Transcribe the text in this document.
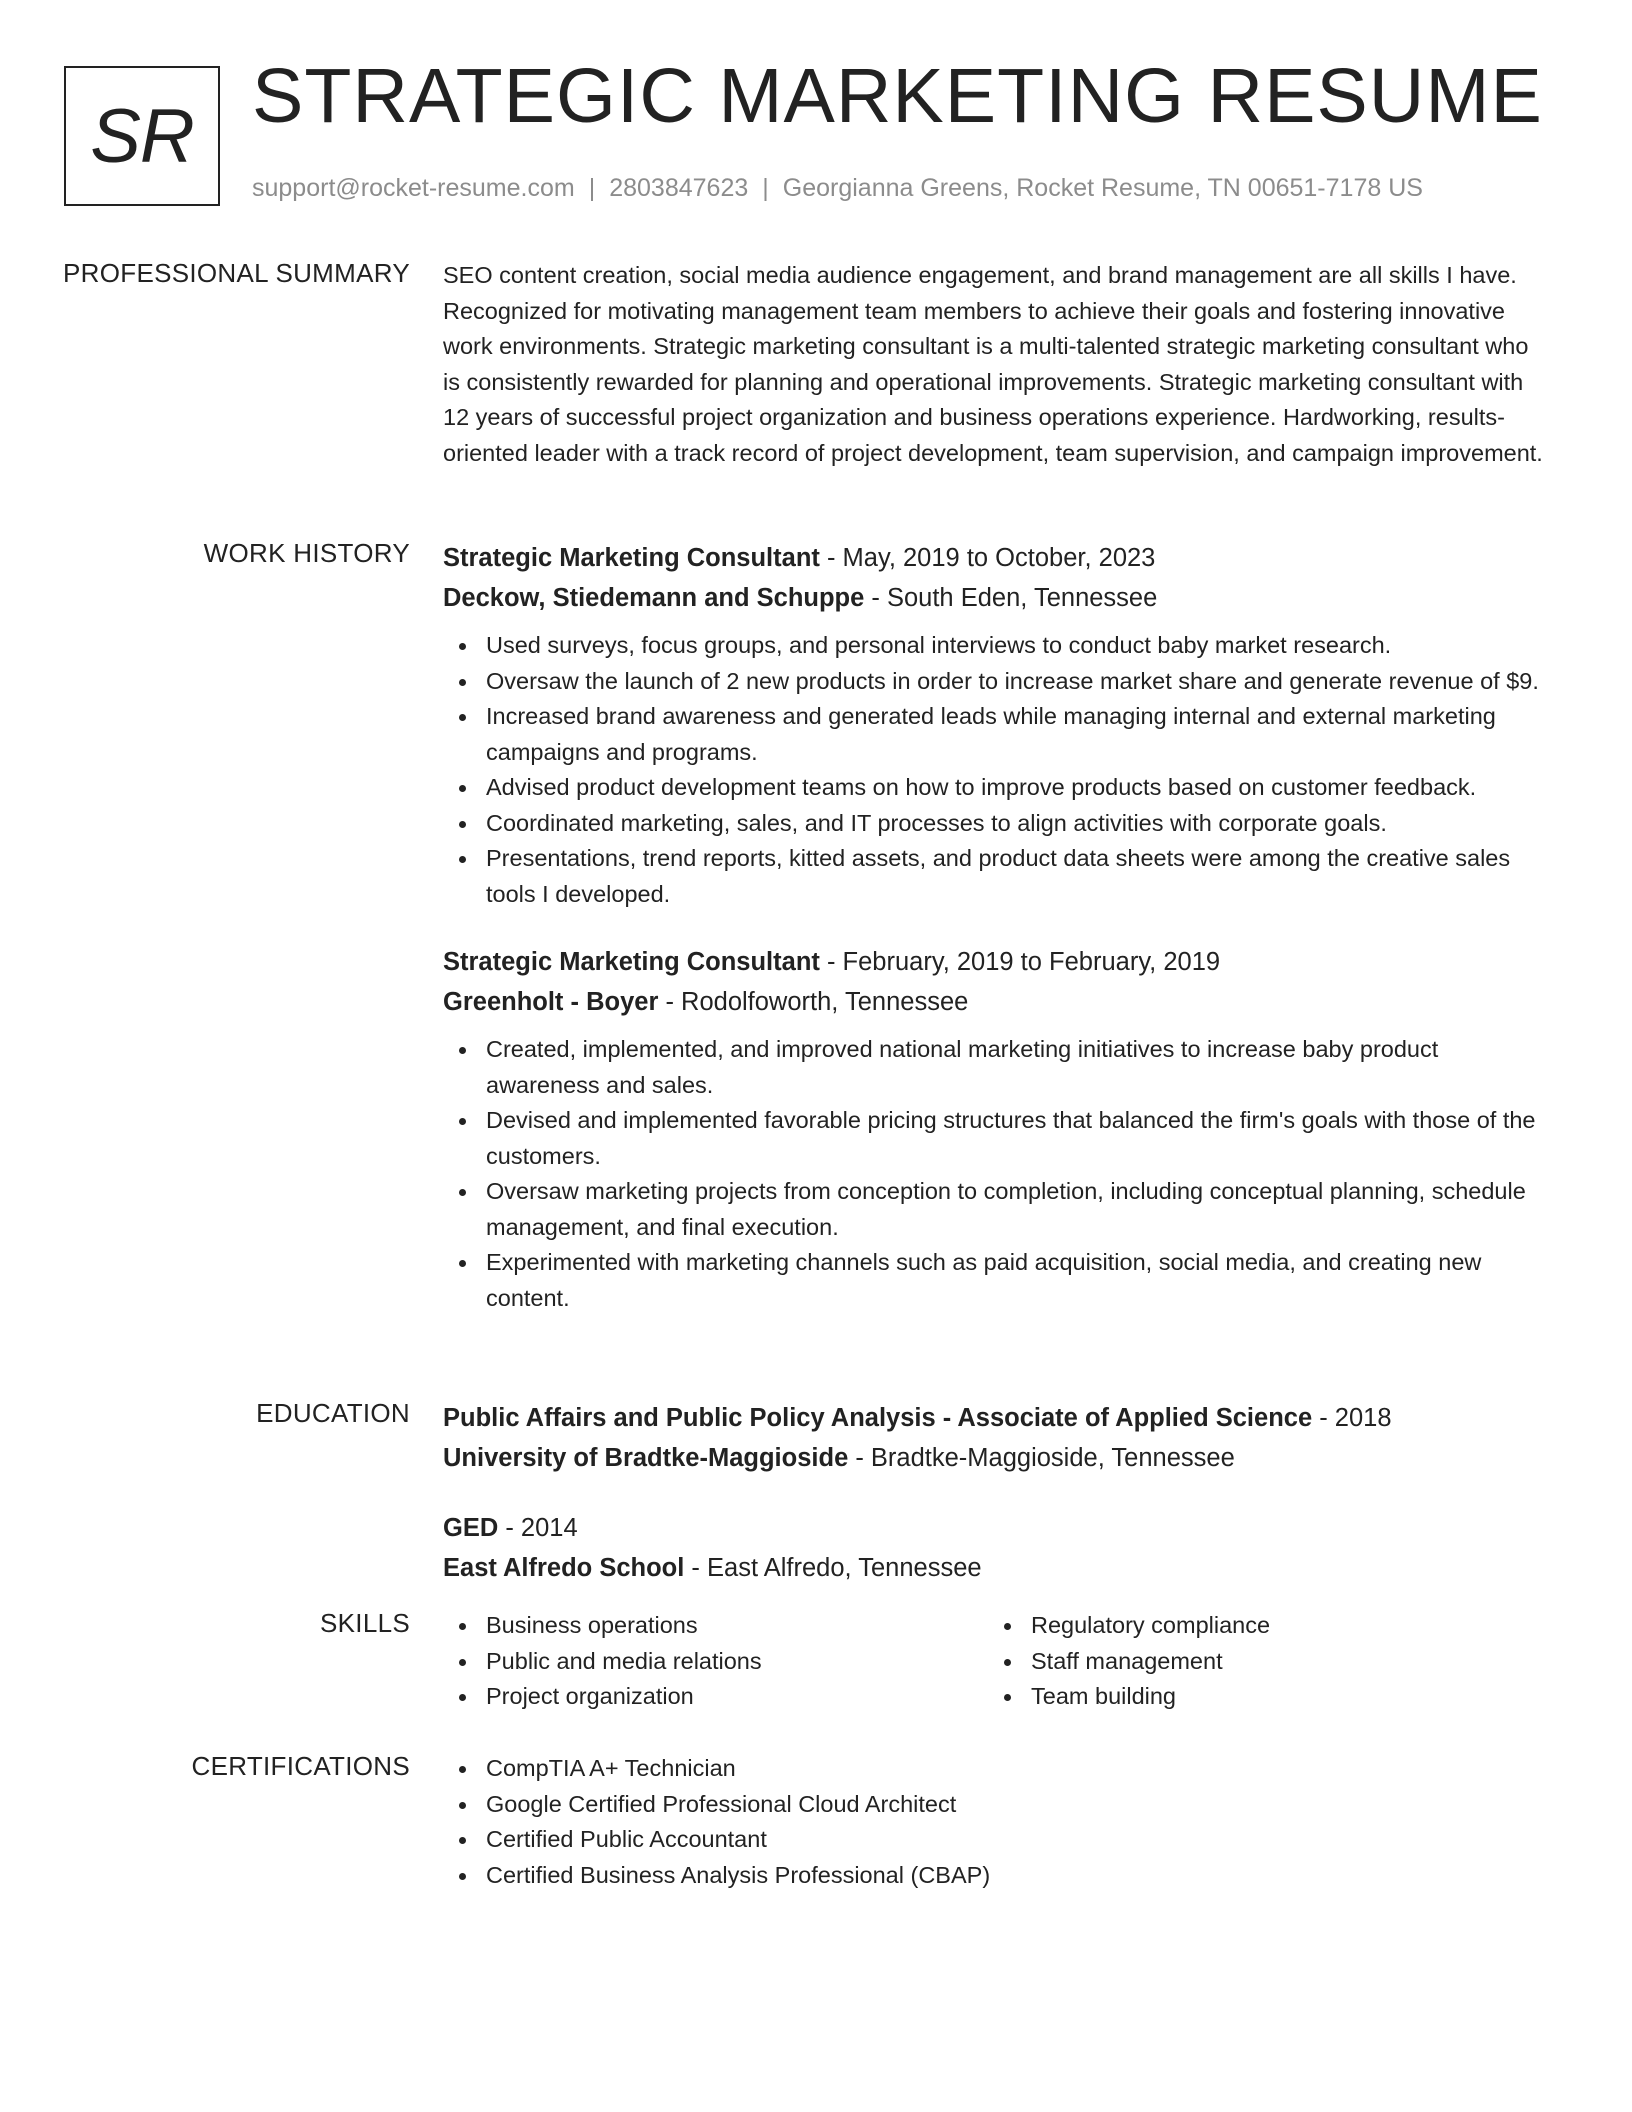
SR STRATEGIC MARKETING RESUME
support@rocket-resume.com | 2803847623 | Georgianna Greens, Rocket Resume, TN 00651-7178 US
PROFESSIONAL SUMMARY SEO content creation, social media audience engagement, and brand management are all skills I have. Recognized for motivating management team members to achieve their goals and fostering innovative work environments. Strategic marketing consultant is a multi-talented strategic marketing consultant who is consistently rewarded for planning and operational improvements. Strategic marketing consultant with 12 years of successful project organization and business operations experience. Hardworking, results-oriented leader with a track record of project development, team supervision, and campaign improvement.

WORK HISTORY Strategic Marketing Consultant - May, 2019 to October, 2023
Deckow, Stiedemann and Schuppe - South Eden, Tennessee
Used surveys, focus groups, and personal interviews to conduct baby market research.
Oversaw the launch of 2 new products in order to increase market share and generate revenue of $9.
Increased brand awareness and generated leads while managing internal and external marketing campaigns and programs.
Advised product development teams on how to improve products based on customer feedback.
Coordinated marketing, sales, and IT processes to align activities with corporate goals.
Presentations, trend reports, kitted assets, and product data sheets were among the creative sales tools I developed.
Strategic Marketing Consultant - February, 2019 to February, 2019
Greenholt - Boyer - Rodolfoworth, Tennessee
Created, implemented, and improved national marketing initiatives to increase baby product awareness and sales.
Devised and implemented favorable pricing structures that balanced the firm's goals with those of the customers.
Oversaw marketing projects from conception to completion, including conceptual planning, schedule management, and final execution.
Experimented with marketing channels such as paid acquisition, social media, and creating new content.
EDUCATION Public Affairs and Public Policy Analysis - Associate of Applied Science - 2018
University of Bradtke-Maggioside - Bradtke-Maggioside, Tennessee
GED - 2014
East Alfredo School - East Alfredo, Tennessee
SKILLS	Business operations
Public and media relations
Project organization
Regulatory compliance
Staff management
Team building
CERTIFICATIONS	CompTIA A+ Technician
Google Certified Professional Cloud Architect
Certified Public Accountant
Certified Business Analysis Professional (CBAP)
